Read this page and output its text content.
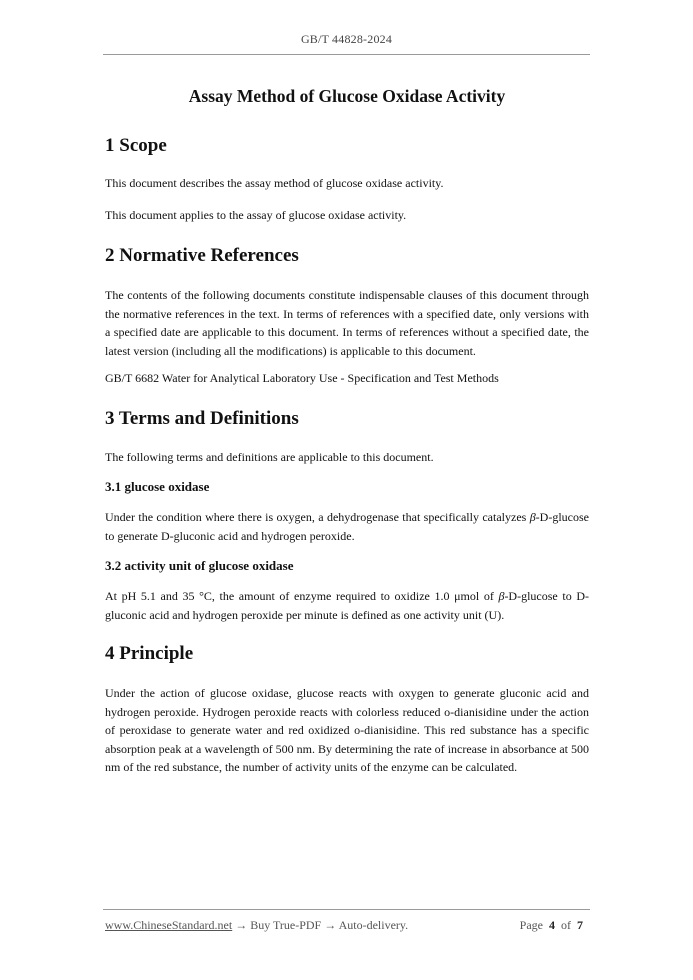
GB/T 44828-2024
Assay Method of Glucose Oxidase Activity
1 Scope

This document describes the assay method of glucose oxidase activity.

This document applies to the assay of glucose oxidase activity.

2 Normative References

The contents of the following documents constitute indispensable clauses of this document through the normative references in the text. In terms of references with a specified date, only versions with a specified date are applicable to this document. In terms of references without a specified date, the latest version (including all the modifications) is applicable to this document.

GB/T 6682 Water for Analytical Laboratory Use - Specification and Test Methods

3 Terms and Definitions

The following terms and definitions are applicable to this document.

3.1 glucose oxidase

Under the condition where there is oxygen, a dehydrogenase that specifically catalyzes β-D-glucose to generate D-gluconic acid and hydrogen peroxide.

3.2 activity unit of glucose oxidase

At pH 5.1 and 35 °C, the amount of enzyme required to oxidize 1.0 μmol of β-D-glucose to D-gluconic acid and hydrogen peroxide per minute is defined as one activity unit (U).

4 Principle

Under the action of glucose oxidase, glucose reacts with oxygen to generate gluconic acid and hydrogen peroxide. Hydrogen peroxide reacts with colorless reduced o-dianisidine under the action of peroxidase to generate water and red oxidized o-dianisidine. This red substance has a specific absorption peak at a wavelength of 500 nm. By determining the rate of increase in absorbance at 500 nm of the red substance, the number of activity units of the enzyme can be calculated.

www.ChineseStandard.net → Buy True-PDF → Auto-delivery.	Page 4 of 7
